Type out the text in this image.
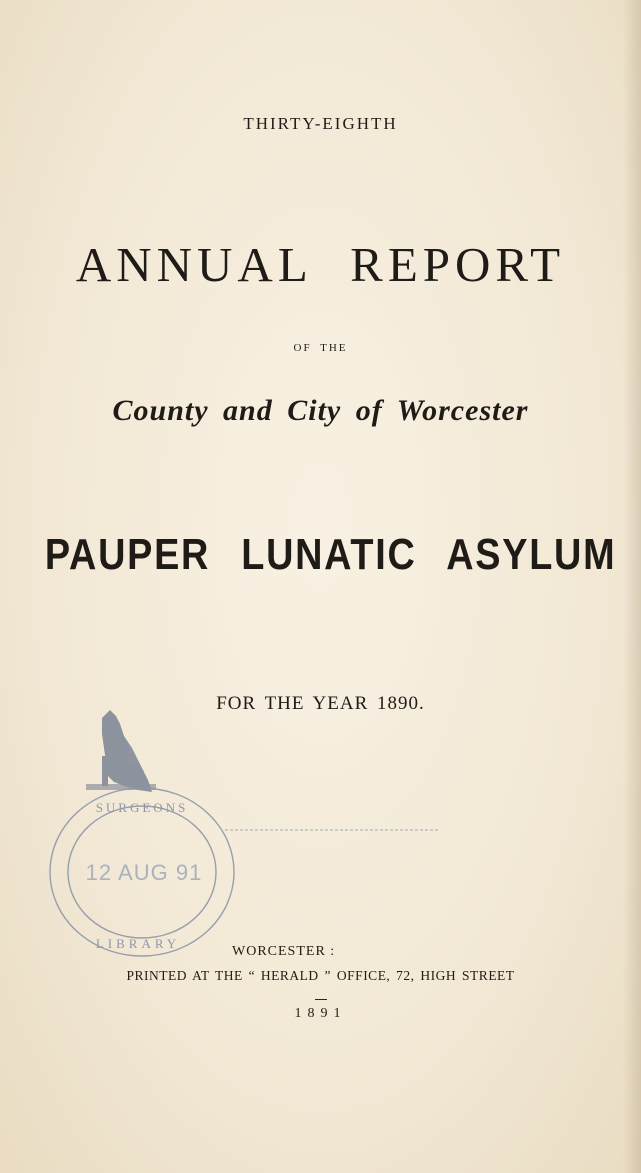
THIRTY-EIGHTH
ANNUAL REPORT
OF THE
County and City of Worcester
PAUPER LUNATIC ASYLUM
FOR THE YEAR 1890.
SURGEONS
12 AUG 91
LIBRARY
WORCESTER :
PRINTED AT THE “ HERALD ” OFFICE, 72, HIGH STREET
1891
